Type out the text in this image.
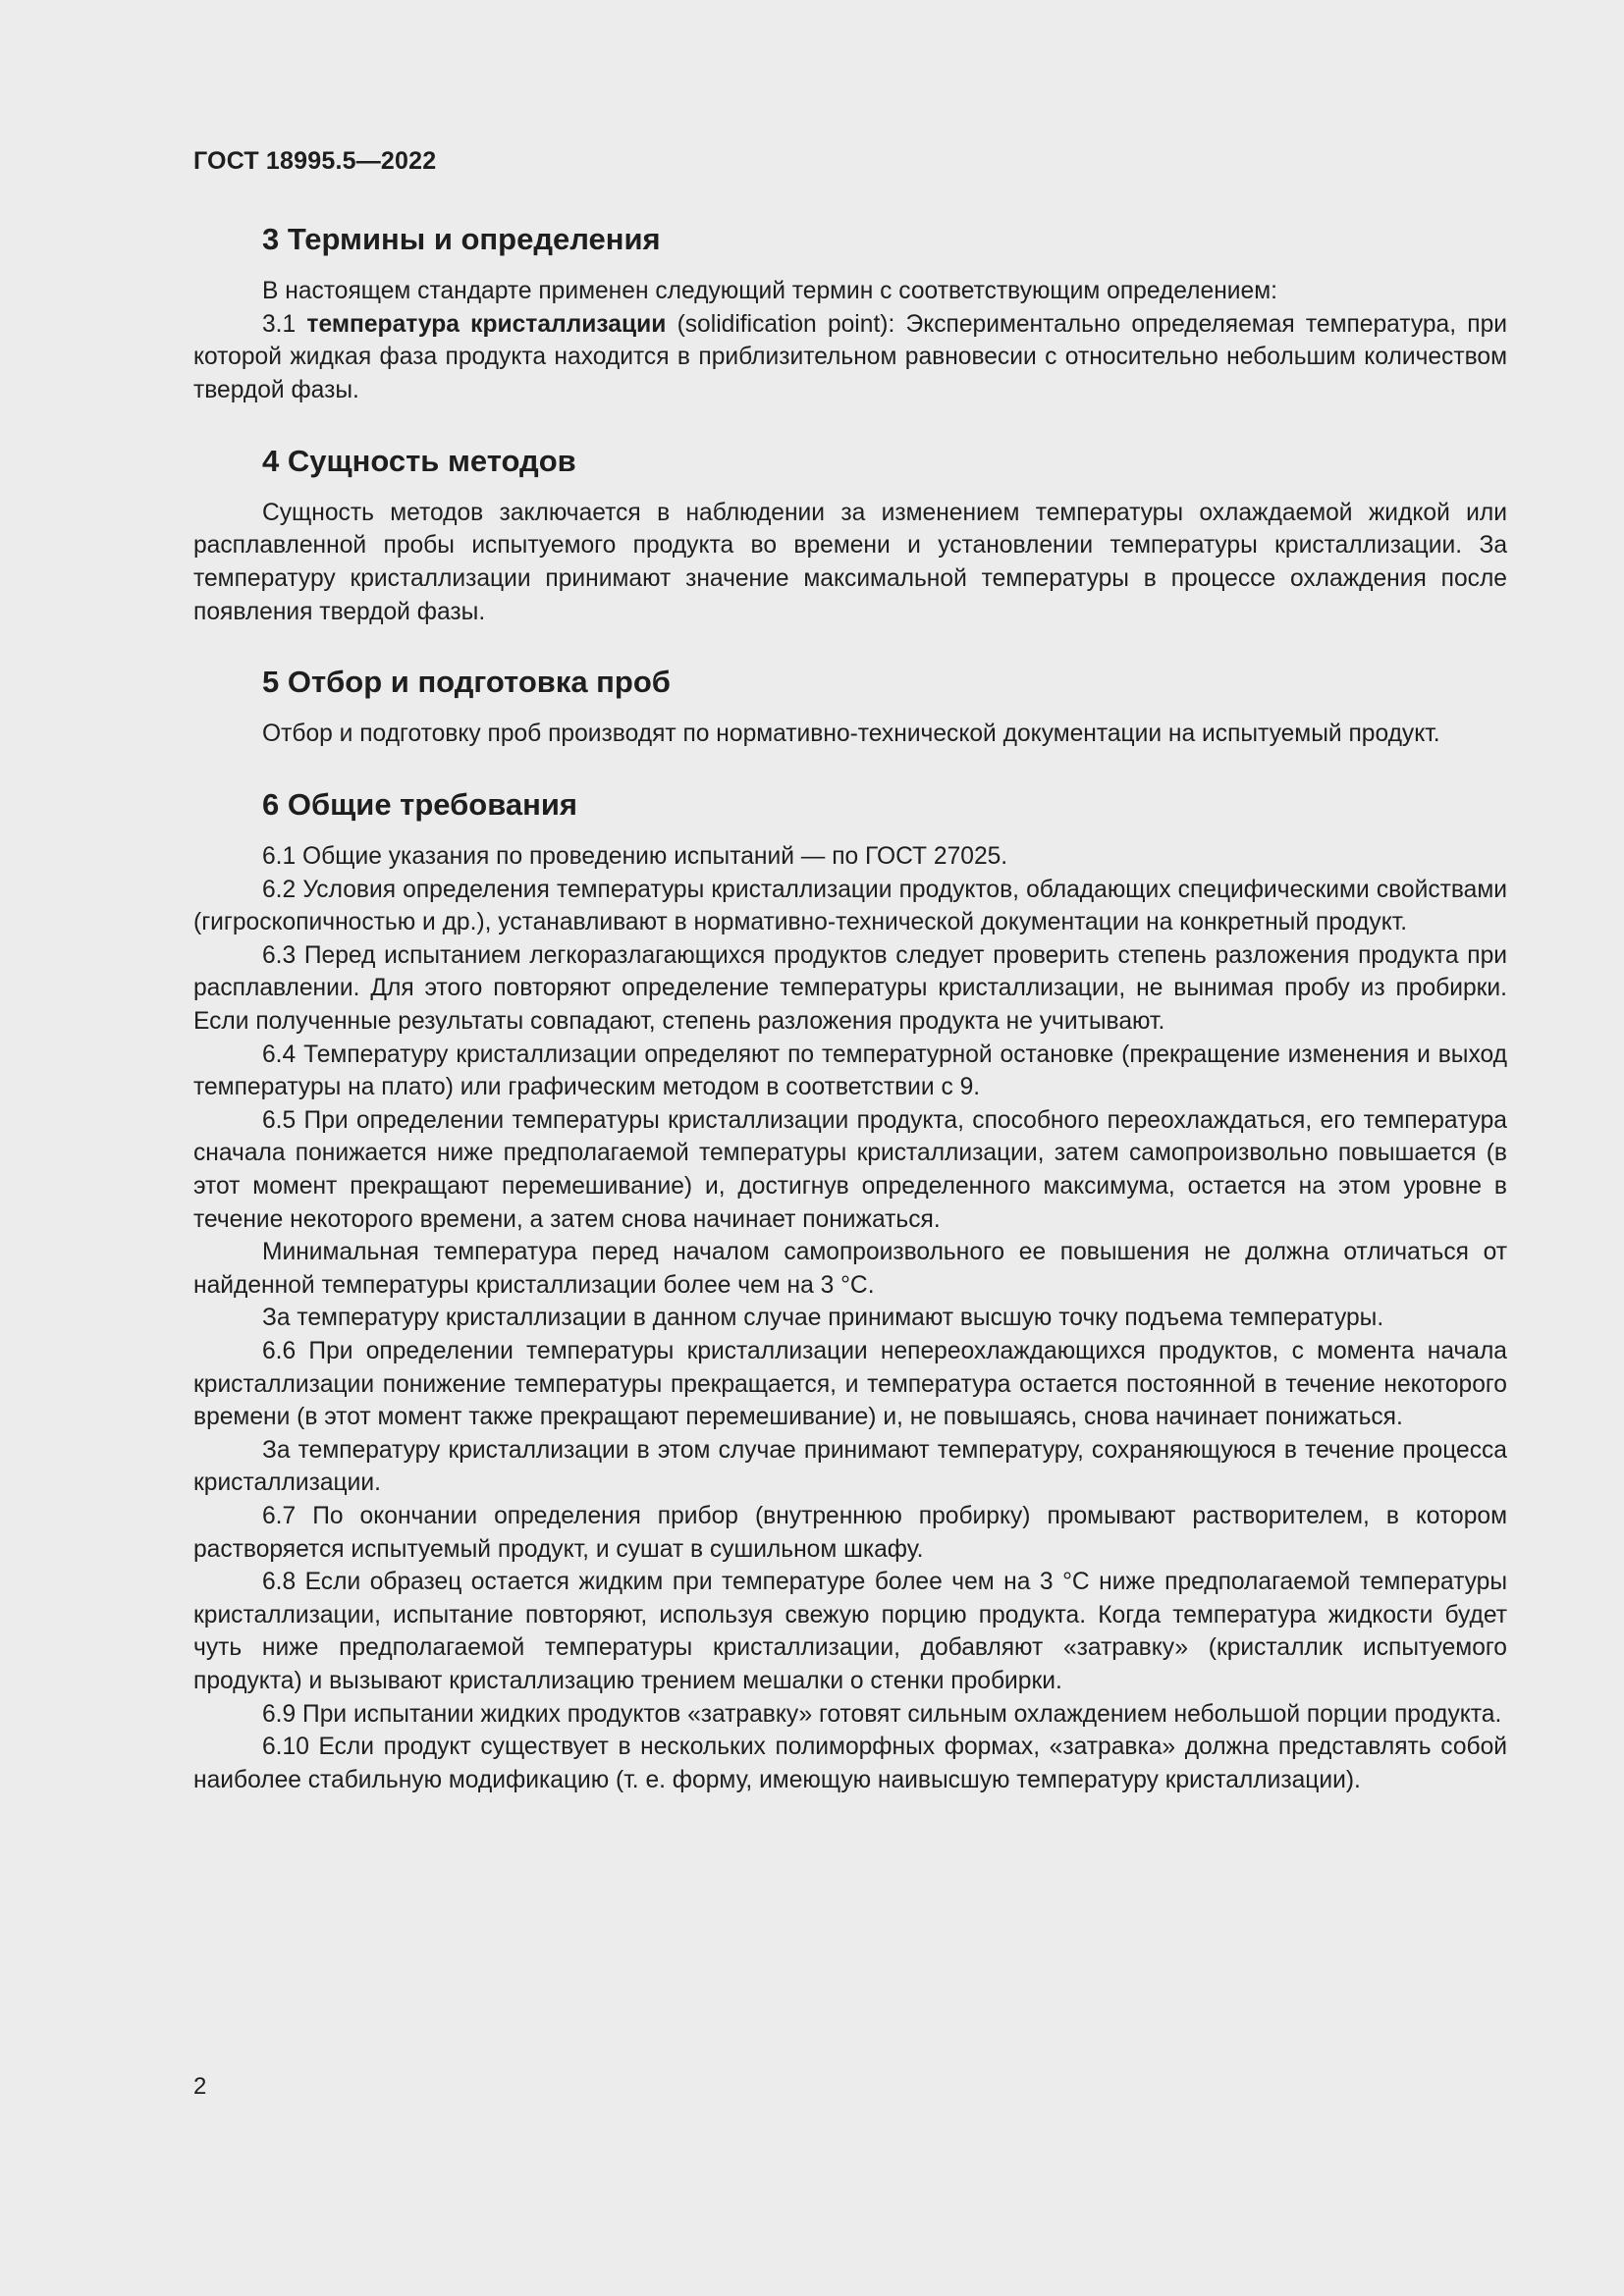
ГОСТ 18995.5—2022
3 Термины и определения

В настоящем стандарте применен следующий термин с соответствующим определением:

3.1 температура кристаллизации (solidification point): Экспериментально определяемая температура, при которой жидкая фаза продукта находится в приблизительном равновесии с относительно небольшим количеством твердой фазы.

4 Сущность методов

Сущность методов заключается в наблюдении за изменением температуры охлаждаемой жидкой или расплавленной пробы испытуемого продукта во времени и установлении температуры кристаллизации. За температуру кристаллизации принимают значение максимальной температуры в процессе охлаждения после появления твердой фазы.

5 Отбор и подготовка проб

Отбор и подготовку проб производят по нормативно-технической документации на испытуемый продукт.

6 Общие требования

6.1 Общие указания по проведению испытаний — по ГОСТ 27025.

6.2 Условия определения температуры кристаллизации продуктов, обладающих специфическими свойствами (гигроскопичностью и др.), устанавливают в нормативно-технической документации на конкретный продукт.

6.3 Перед испытанием легкоразлагающихся продуктов следует проверить степень разложения продукта при расплавлении. Для этого повторяют определение температуры кристаллизации, не вынимая пробу из пробирки. Если полученные результаты совпадают, степень разложения продукта не учитывают.

6.4 Температуру кристаллизации определяют по температурной остановке (прекращение изменения и выход температуры на плато) или графическим методом в соответствии с 9.

6.5 При определении температуры кристаллизации продукта, способного переохлаждаться, его температура сначала понижается ниже предполагаемой температуры кристаллизации, затем самопроизвольно повышается (в этот момент прекращают перемешивание) и, достигнув определенного максимума, остается на этом уровне в течение некоторого времени, а затем снова начинает понижаться.

Минимальная температура перед началом самопроизвольного ее повышения не должна отличаться от найденной температуры кристаллизации более чем на 3 °С.

За температуру кристаллизации в данном случае принимают высшую точку подъема температуры.

6.6 При определении температуры кристаллизации непереохлаждающихся продуктов, с момента начала кристаллизации понижение температуры прекращается, и температура остается постоянной в течение некоторого времени (в этот момент также прекращают перемешивание) и, не повышаясь, снова начинает понижаться.

За температуру кристаллизации в этом случае принимают температуру, сохраняющуюся в течение процесса кристаллизации.

6.7 По окончании определения прибор (внутреннюю пробирку) промывают растворителем, в котором растворяется испытуемый продукт, и сушат в сушильном шкафу.

6.8 Если образец остается жидким при температуре более чем на 3 °С ниже предполагаемой температуры кристаллизации, испытание повторяют, используя свежую порцию продукта. Когда температура жидкости будет чуть ниже предполагаемой температуры кристаллизации, добавляют «затравку» (кристаллик испытуемого продукта) и вызывают кристаллизацию трением мешалки о стенки пробирки.

6.9 При испытании жидких продуктов «затравку» готовят сильным охлаждением небольшой порции продукта.

6.10 Если продукт существует в нескольких полиморфных формах, «затравка» должна представлять собой наиболее стабильную модификацию (т. е. форму, имеющую наивысшую температуру кристаллизации).

2
